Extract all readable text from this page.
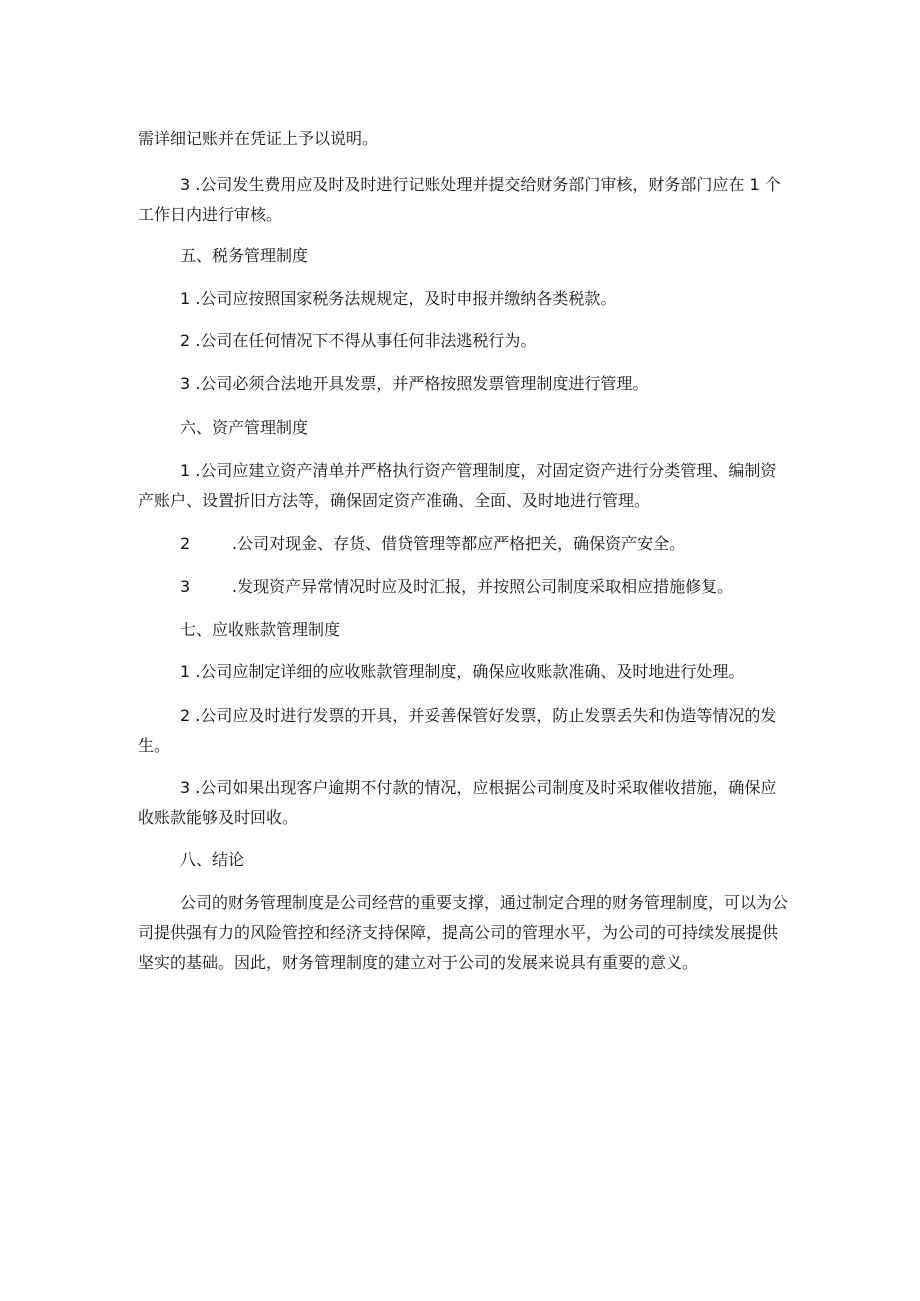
需详细记账并在凭证上予以说明。

3 .公司发生费用应及时及时进行记账处理并提交给财务部门审核，财务部门应在 1 个工作日内进行审核。

五、税务管理制度

1 .公司应按照国家税务法规规定，及时申报并缴纳各类税款。

2 .公司在任何情况下不得从事任何非法逃税行为。

3 .公司必须合法地开具发票，并严格按照发票管理制度进行管理。

六、资产管理制度

1 .公司应建立资产清单并严格执行资产管理制度，对固定资产进行分类管理、编制资产账户、设置折旧方法等，确保固定资产准确、全面、及时地进行管理。

2	.公司对现金、存货、借贷管理等都应严格把关，确保资产安全。

3	.发现资产异常情况时应及时汇报，并按照公司制度采取相应措施修复。

七、应收账款管理制度

1 .公司应制定详细的应收账款管理制度，确保应收账款准确、及时地进行处理。

2 .公司应及时进行发票的开具，并妥善保管好发票，防止发票丢失和伪造等情况的发生。

3 .公司如果出现客户逾期不付款的情况，应根据公司制度及时采取催收措施，确保应收账款能够及时回收。

八、结论

公司的财务管理制度是公司经营的重要支撑，通过制定合理的财务管理制度，可以为公司提供强有力的风险管控和经济支持保障，提高公司的管理水平，为公司的可持续发展提供坚实的基础。因此，财务管理制度的建立对于公司的发展来说具有重要的意义。
